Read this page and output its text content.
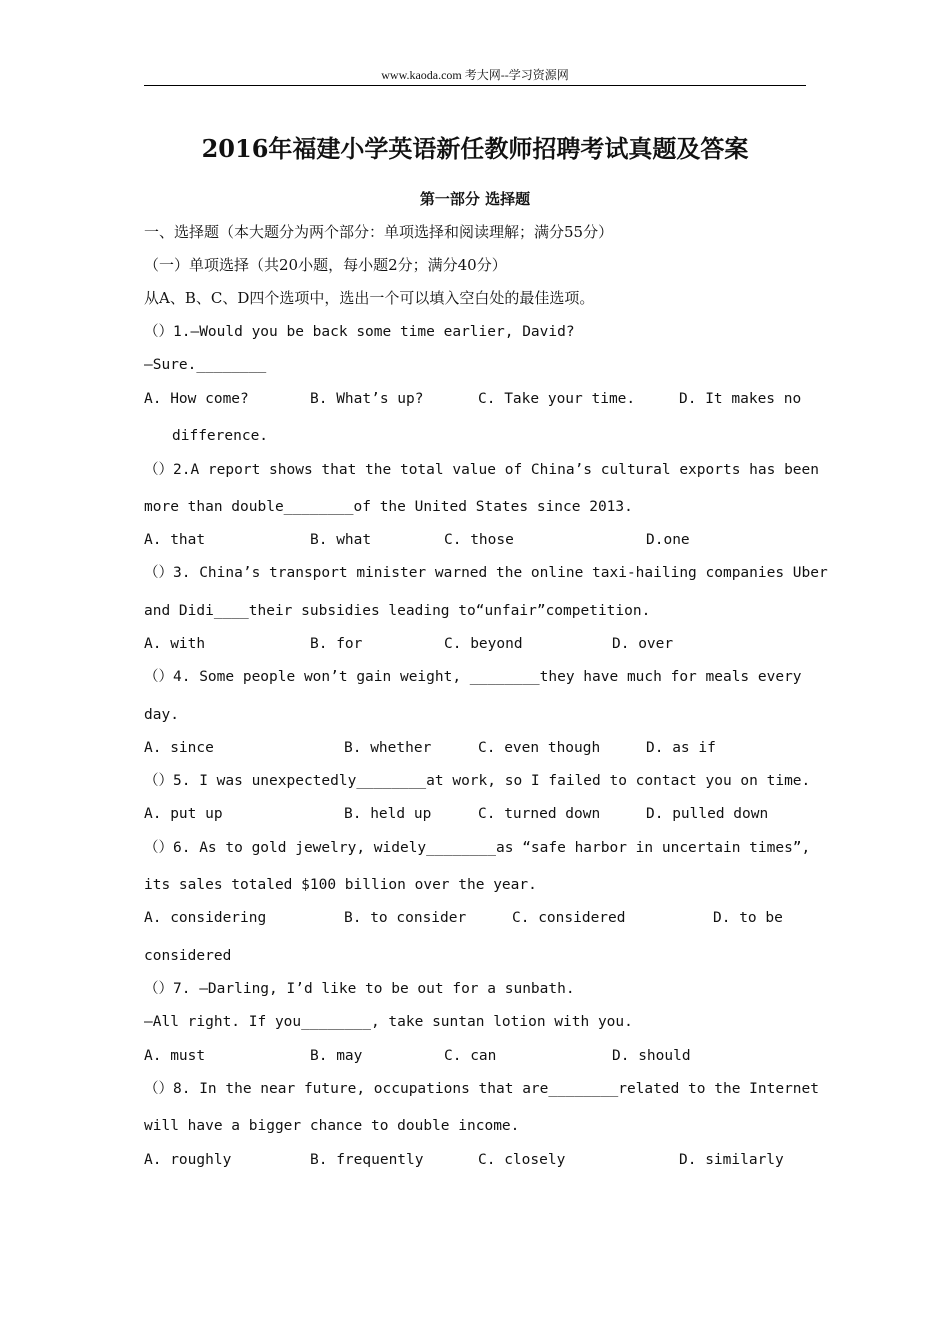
www.kaoda.com 考大网--学习资源网
2016年福建小学英语新任教师招聘考试真题及答案
第一部分 选择题
一、选择题（本大题分为两个部分：单项选择和阅读理解；满分55分）
（一）单项选择（共20小题，每小题2分；满分40分）
从A、B、C、D四个选项中，选出一个可以填入空白处的最佳选项。
（）1.—Would you be back some time earlier, David?
—Sure.________
A. How come?	B. What’s up?	C. Take your time.	D. It makes no
difference.
（）2.A report shows that the total value of China’s cultural exports has been
more than double________of the United States since 2013.
A. that	B. what	C. those	D.one
（）3. China’s transport minister warned the online taxi-hailing companies Uber
and Didi____their subsidies leading to“unfair”competition.
A. with	B. for	C. beyond	D. over
（）4. Some people won’t gain weight, ________they have much for meals every
day.
A. since	B. whether	C. even though	D. as if
（）5. I was unexpectedly________at work, so I failed to contact you on time.
A. put up	B. held up	C. turned down	D. pulled down
（）6. As to gold jewelry, widely________as “safe harbor in uncertain times”,
its sales totaled $100 billion over the year.
A. considering	B. to consider	C. considered	D. to be
considered
（）7. —Darling, I’d like to be out for a sunbath.
—All right. If you________, take suntan lotion with you.
A. must	B. may	C. can	D. should
（）8. In the near future, occupations that are________related to the Internet
will have a bigger chance to double income.
A. roughly	B. frequently	C. closely	D. similarly
